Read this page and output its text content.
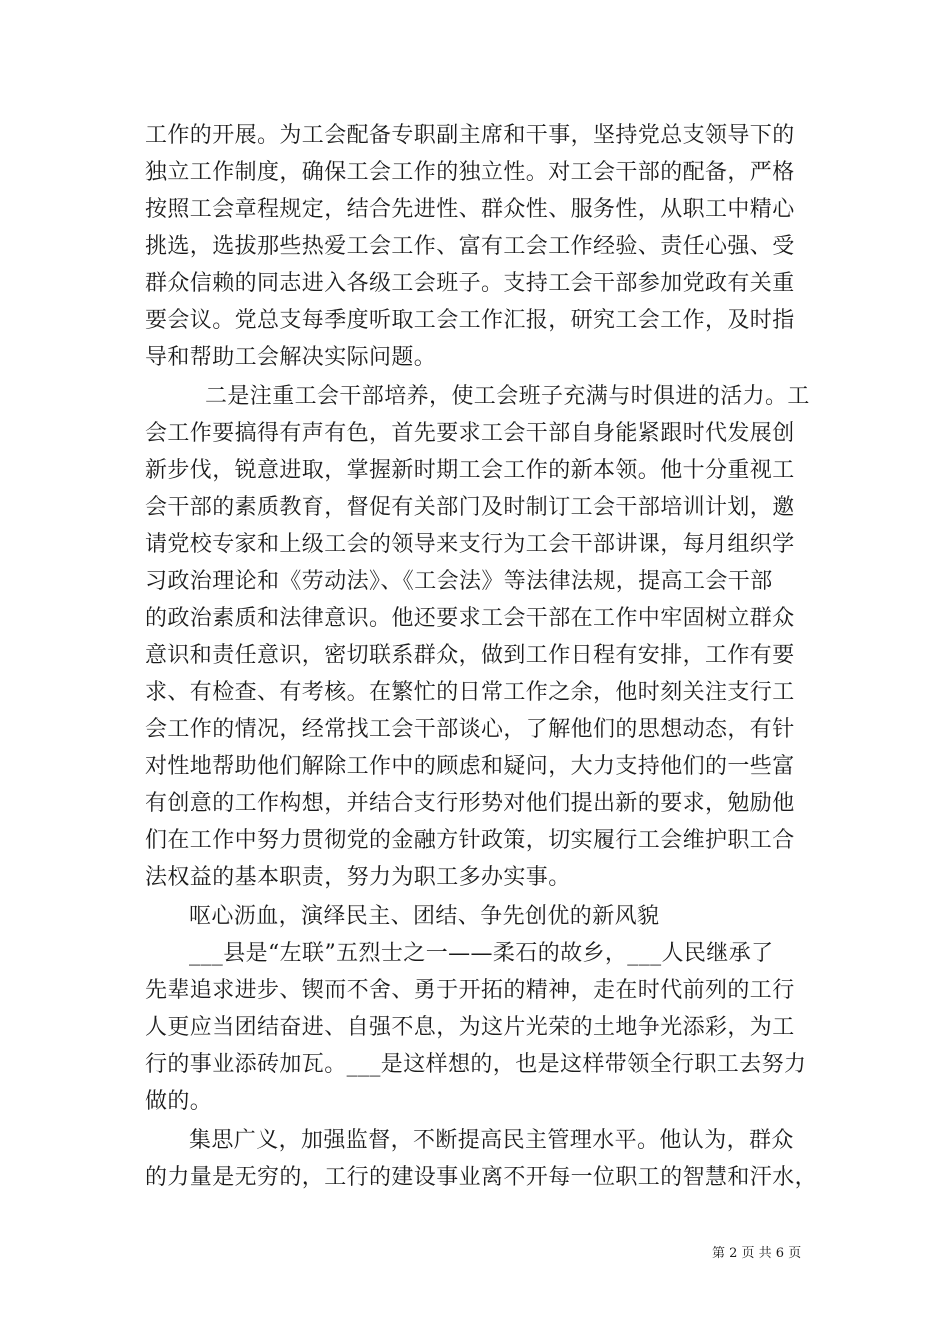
工作的开展。为工会配备专职副主席和干事，坚持党总支领导下的
独立工作制度，确保工会工作的独立性。对工会干部的配备，严格
按照工会章程规定，结合先进性、群众性、服务性，从职工中精心
挑选，选拔那些热爱工会工作、富有工会工作经验、责任心强、受
群众信赖的同志进入各级工会班子。支持工会干部参加党政有关重
要会议。党总支每季度听取工会工作汇报，研究工会工作，及时指
导和帮助工会解决实际问题。
二是注重工会干部培养，使工会班子充满与时俱进的活力。工
会工作要搞得有声有色，首先要求工会干部自身能紧跟时代发展创
新步伐，锐意进取，掌握新时期工会工作的新本领。他十分重视工
会干部的素质教育，督促有关部门及时制订工会干部培训计划，邀
请党校专家和上级工会的领导来支行为工会干部讲课，每月组织学
习政治理论和《劳动法》、《工会法》等法律法规，提高工会干部
的政治素质和法律意识。他还要求工会干部在工作中牢固树立群众
意识和责任意识，密切联系群众，做到工作日程有安排，工作有要
求、有检查、有考核。在繁忙的日常工作之余，他时刻关注支行工
会工作的情况，经常找工会干部谈心，了解他们的思想动态，有针
对性地帮助他们解除工作中的顾虑和疑问，大力支持他们的一些富
有创意的工作构想，并结合支行形势对他们提出新的要求，勉励他
们在工作中努力贯彻党的金融方针政策，切实履行工会维护职工合
法权益的基本职责，努力为职工多办实事。
呕心沥血，演绎民主、团结、争先创优的新风貌
___县是“左联”五烈士之一——柔石的故乡，___人民继承了
先辈追求进步、锲而不舍、勇于开拓的精神，走在时代前列的工行
人更应当团结奋进、自强不息，为这片光荣的土地争光添彩，为工
行的事业添砖加瓦。___是这样想的，也是这样带领全行职工去努力
做的。
集思广义，加强监督，不断提高民主管理水平。他认为，群众
的力量是无穷的，工行的建设事业离不开每一位职工的智慧和汗水，
第 2 页 共 6 页
